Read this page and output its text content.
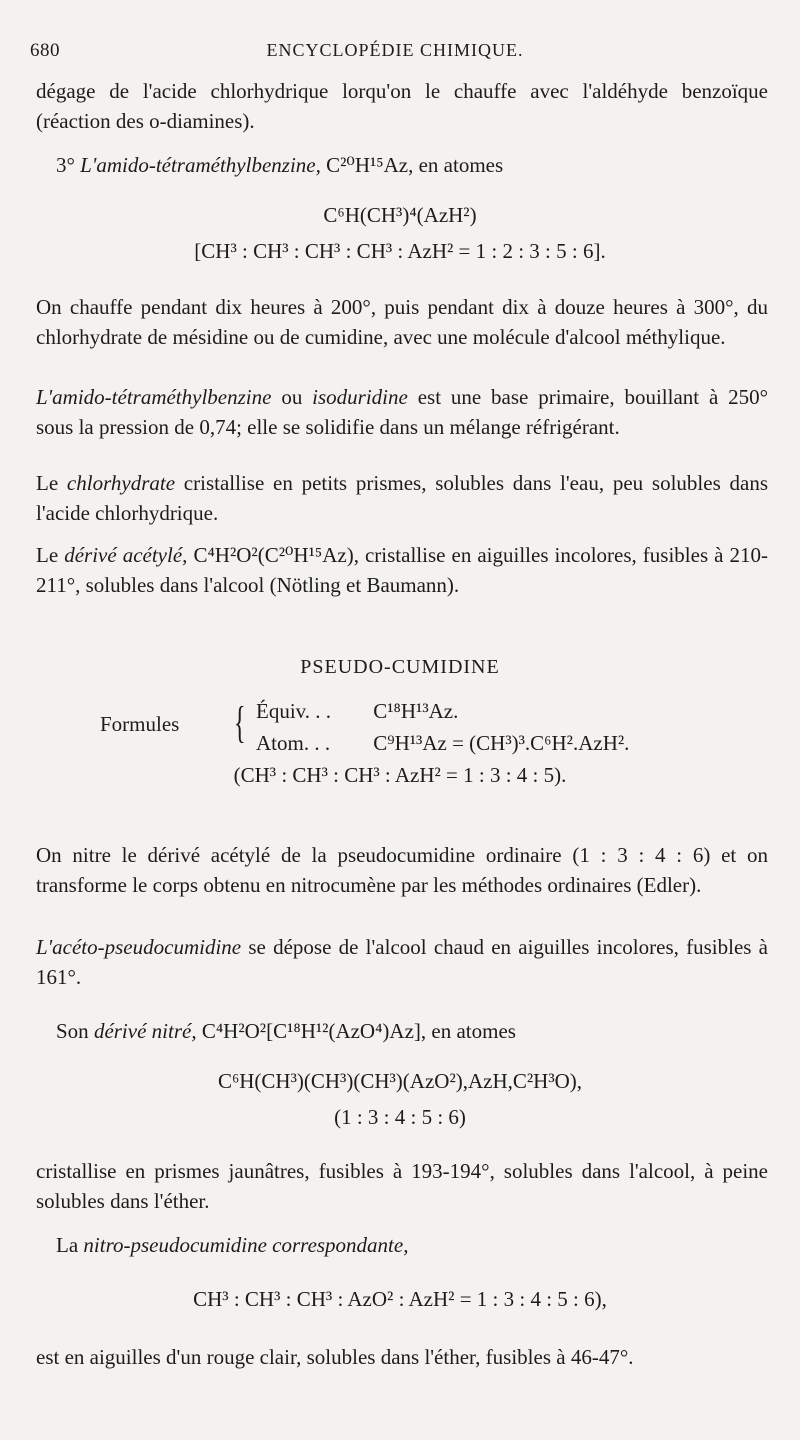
680	ENCYCLOPÉDIE CHIMIQUE.
dégage de l'acide chlorhydrique lorqu'on le chauffe avec l'aldéhyde benzoïque (réaction des o-diamines).
3° L'amido-tétraméthylbenzine, C²⁰H¹⁵Az, en atomes
C⁶H(CH³)⁴(AzH²)
[CH³ : CH³ : CH³ : CH³ : AzH² = 1 : 2 : 3 : 5 : 6].
On chauffe pendant dix heures à 200°, puis pendant dix à douze heures à 300°, du chlorhydrate de mésidine ou de cumidine, avec une molécule d'alcool méthylique.
L'amido-tétraméthylbenzine ou isoduridine est une base primaire, bouillant à 250° sous la pression de 0,74; elle se solidifie dans un mélange réfrigérant.
Le chlorhydrate cristallise en petits prismes, solubles dans l'eau, peu solubles dans l'acide chlorhydrique.
Le dérivé acétylé, C⁴H²O²(C²⁰H¹⁵Az), cristallise en aiguilles incolores, fusibles à 210-211°, solubles dans l'alcool (Nötling et Baumann).
PSEUDO-CUMIDINE
Formules { Équiv. . . C¹⁸H¹³Az.
Atom. . . C⁹H¹³Az = (CH³)³.C⁶H².AzH².
(CH³ : CH³ : CH³ : AzH² = 1 : 3 : 4 : 5).
On nitre le dérivé acétylé de la pseudocumidine ordinaire (1 : 3 : 4 : 6) et on transforme le corps obtenu en nitrocumène par les méthodes ordinaires (Edler).
L'acéto-pseudocumidine se dépose de l'alcool chaud en aiguilles incolores, fusibles à 161°.
Son dérivé nitré, C⁴H²O²[C¹⁸H¹²(AzO⁴)Az], en atomes
C⁶H(CH³)(CH³)(CH³)(AzO²),AzH,C²H³O),
(1 : 3 : 4 : 5 : 6)
cristallise en prismes jaunâtres, fusibles à 193-194°, solubles dans l'alcool, à peine solubles dans l'éther.
La nitro-pseudocumidine correspondante,
CH³ : CH³ : CH³ : AzO² : AzH² = 1 : 3 : 4 : 5 : 6),
est en aiguilles d'un rouge clair, solubles dans l'éther, fusibles à 46-47°.
